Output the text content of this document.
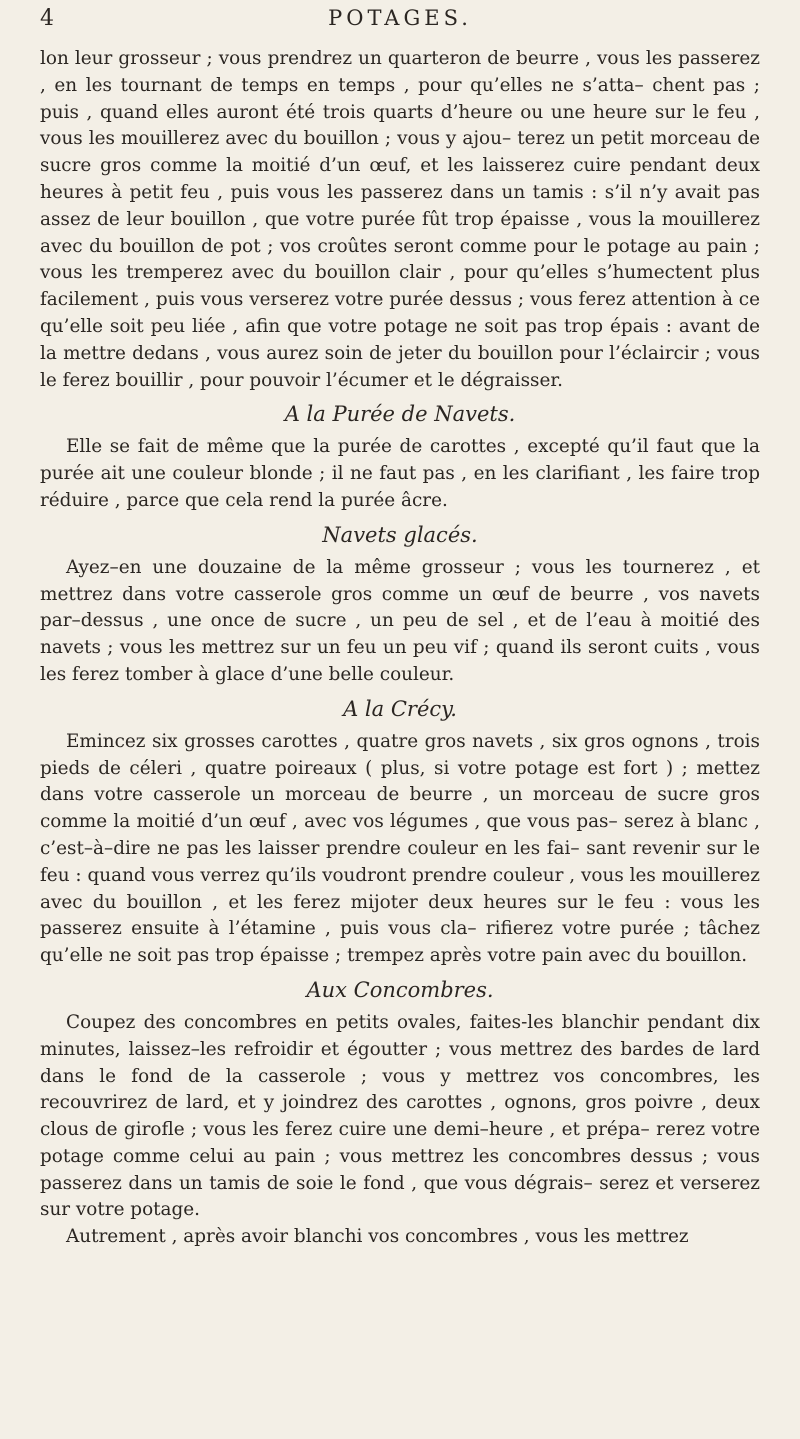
4	POTAGES.

lon leur grosseur ; vous prendrez un quarteron de beurre , vous les passerez , en les tournant de temps en temps , pour qu’elles ne s’atta– chent pas ; puis , quand elles auront été trois quarts d’heure ou une heure sur le feu , vous les mouillerez avec du bouillon ; vous y ajou– terez un petit morceau de sucre gros comme la moitié d’un œuf, et les laisserez cuire pendant deux heures à petit feu , puis vous les passerez dans un tamis : s’il n’y avait pas assez de leur bouillon , que votre purée fût trop épaisse , vous la mouillerez avec du bouillon de pot ; vos croûtes seront comme pour le potage au pain ; vous les tremperez avec du bouillon clair , pour qu’elles s’humectent plus facilement , puis vous verserez votre purée dessus ; vous ferez attention à ce qu’elle soit peu liée , afin que votre potage ne soit pas trop épais : avant de la mettre dedans , vous aurez soin de jeter du bouillon pour l’éclaircir ; vous le ferez bouillir , pour pouvoir l’écumer et le dégraisser.

A la Purée de Navets.

Elle se fait de même que la purée de carottes , excepté qu’il faut que la purée ait une couleur blonde ; il ne faut pas , en les clarifiant , les faire trop réduire , parce que cela rend la purée âcre.

Navets glacés.

Ayez–en une douzaine de la même grosseur ; vous les tournerez , et mettrez dans votre casserole gros comme un œuf de beurre , vos navets par–dessus , une once de sucre , un peu de sel , et de l’eau à moitié des navets ; vous les mettrez sur un feu un peu vif ; quand ils seront cuits , vous les ferez tomber à glace d’une belle couleur.

A la Crécy.

Emincez six grosses carottes , quatre gros navets , six gros ognons , trois pieds de céleri , quatre poireaux ( plus, si votre potage est fort ) ; mettez dans votre casserole un morceau de beurre , un morceau de sucre gros comme la moitié d’un œuf , avec vos légumes , que vous pas– serez à blanc , c’est–à–dire ne pas les laisser prendre couleur en les fai– sant revenir sur le feu : quand vous verrez qu’ils voudront prendre couleur , vous les mouillerez avec du bouillon , et les ferez mijoter deux heures sur le feu : vous les passerez ensuite à l’étamine , puis vous cla– rifierez votre purée ; tâchez qu’elle ne soit pas trop épaisse ; trempez après votre pain avec du bouillon.

Aux Concombres.

Coupez des concombres en petits ovales, faites-les blanchir pendant dix minutes, laissez–les refroidir et égoutter ; vous mettrez des bardes de lard dans le fond de la casserole ; vous y mettrez vos concombres, les recouvrirez de lard, et y joindrez des carottes , ognons, gros poivre , deux clous de girofle ; vous les ferez cuire une demi–heure , et prépa– rerez votre potage comme celui au pain ; vous mettrez les concombres dessus ; vous passerez dans un tamis de soie le fond , que vous dégrais– serez et verserez sur votre potage.

Autrement , après avoir blanchi vos concombres , vous les mettrez
